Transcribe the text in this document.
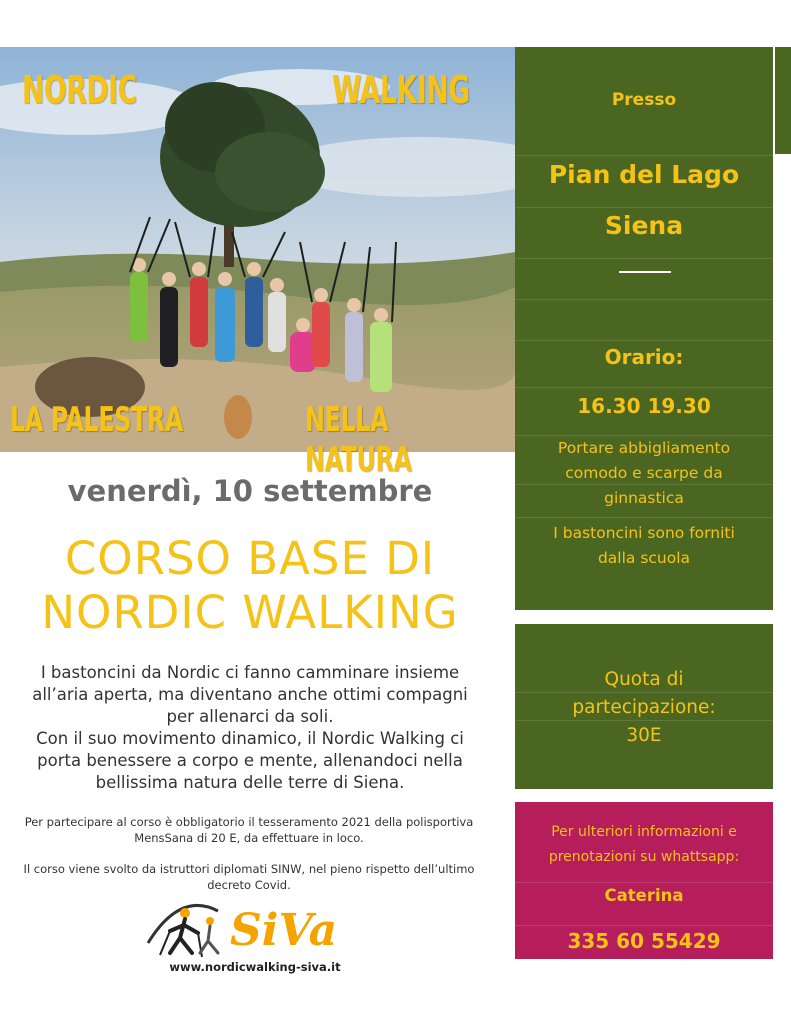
NORDIC	WALKING
LA PALESTRA	NELLA NATURA
venerdì, 10 settembre
CORSO BASE DI
NORDIC WALKING
I bastoncini da Nordic ci fanno camminare insieme
all’aria aperta, ma diventano anche ottimi compagni
per allenarci da soli.
Con il suo movimento dinamico, il Nordic Walking ci
porta benessere a corpo e mente, allenandoci nella
bellissima natura delle terre di Siena.
Per partecipare al corso è obbligatorio il tesseramento 2021 della polisportiva
MensSana di 20 E, da effettuare in loco.
Il corso viene svolto da istruttori diplomati SINW, nel pieno rispetto dell’ultimo
decreto Covid.
SiVa
www.nordicwalking-siva.it
Presso
Pian del Lago
Siena
Orario:
16.30 19.30
Portare abbigliamento
comodo e scarpe da
ginnastica
I bastoncini sono forniti
dalla scuola
Quota di
partecipazione:
30E
Per ulteriori informazioni e
prenotazioni su whattsapp:
Caterina
335 60 55429
